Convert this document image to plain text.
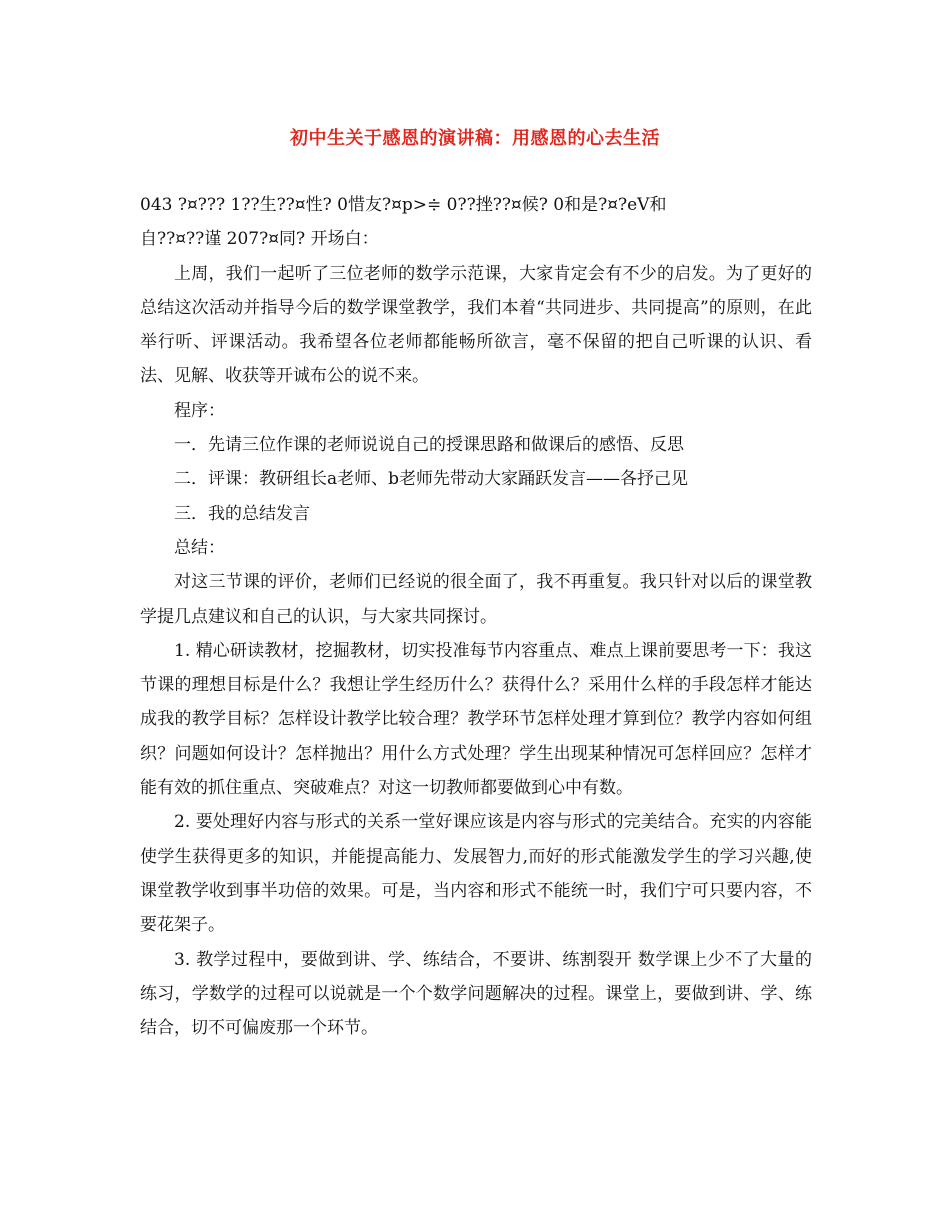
初中生关于感恩的演讲稿：用感恩的心去生活

043 ?¤??? 1??生??¤性? 0惜友?¤p>≑ 0??挫??¤候? 0和是?¤?eV和

自??¤??谨 207?¤同? 开场白：

上周，我们一起听了三位老师的数学示范课，大家肯定会有不少的启发。为了更好的总结这次活动并指导今后的数学课堂教学，我们本着“共同进步、共同提高”的原则，在此举行听、评课活动。我希望各位老师都能畅所欲言，毫不保留的把自己听课的认识、看法、见解、收获等开诚布公的说不来。

程序：

一．先请三位作课的老师说说自己的授课思路和做课后的感悟、反思

二．评课：教研组长a老师、b老师先带动大家踊跃发言——各抒己见

三．我的总结发言

总结：

对这三节课的评价，老师们已经说的很全面了，我不再重复。我只针对以后的课堂教学提几点建议和自己的认识，与大家共同探讨。

1. 精心研读教材，挖掘教材，切实投准每节内容重点、难点上课前要思考一下：我这节课的理想目标是什么？我想让学生经历什么？获得什么？采用什么样的手段怎样才能达成我的教学目标？怎样设计教学比较合理？教学环节怎样处理才算到位？教学内容如何组织？问题如何设计？怎样抛出？用什么方式处理？学生出现某种情况可怎样回应？怎样才能有效的抓住重点、突破难点？对这一切教师都要做到心中有数。

2. 要处理好内容与形式的关系一堂好课应该是内容与形式的完美结合。充实的内容能使学生获得更多的知识，并能提高能力、发展智力,而好的形式能激发学生的学习兴趣,使课堂教学收到事半功倍的效果。可是，当内容和形式不能统一时，我们宁可只要内容，不要花架子。

3. 教学过程中，要做到讲、学、练结合，不要讲、练割裂开 数学课上少不了大量的练习，学数学的过程可以说就是一个个数学问题解决的过程。课堂上，要做到讲、学、练结合，切不可偏废那一个环节。
